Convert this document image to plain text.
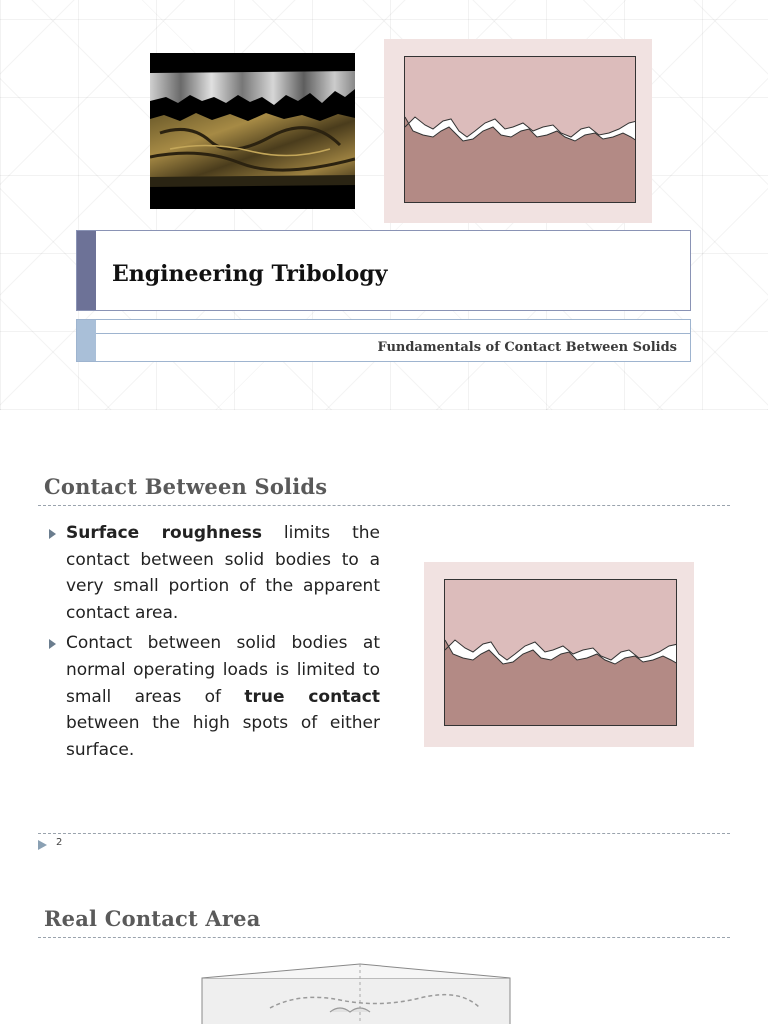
Engineering Tribology
Fundamentals of Contact Between Solids
Contact Between Solids

Surface roughness limits the contact between solid bodies to a very small portion of the apparent contact area.

Contact between solid bodies at normal operating loads is limited to small areas of true contact between the high spots of either surface.

2
Real Contact Area
